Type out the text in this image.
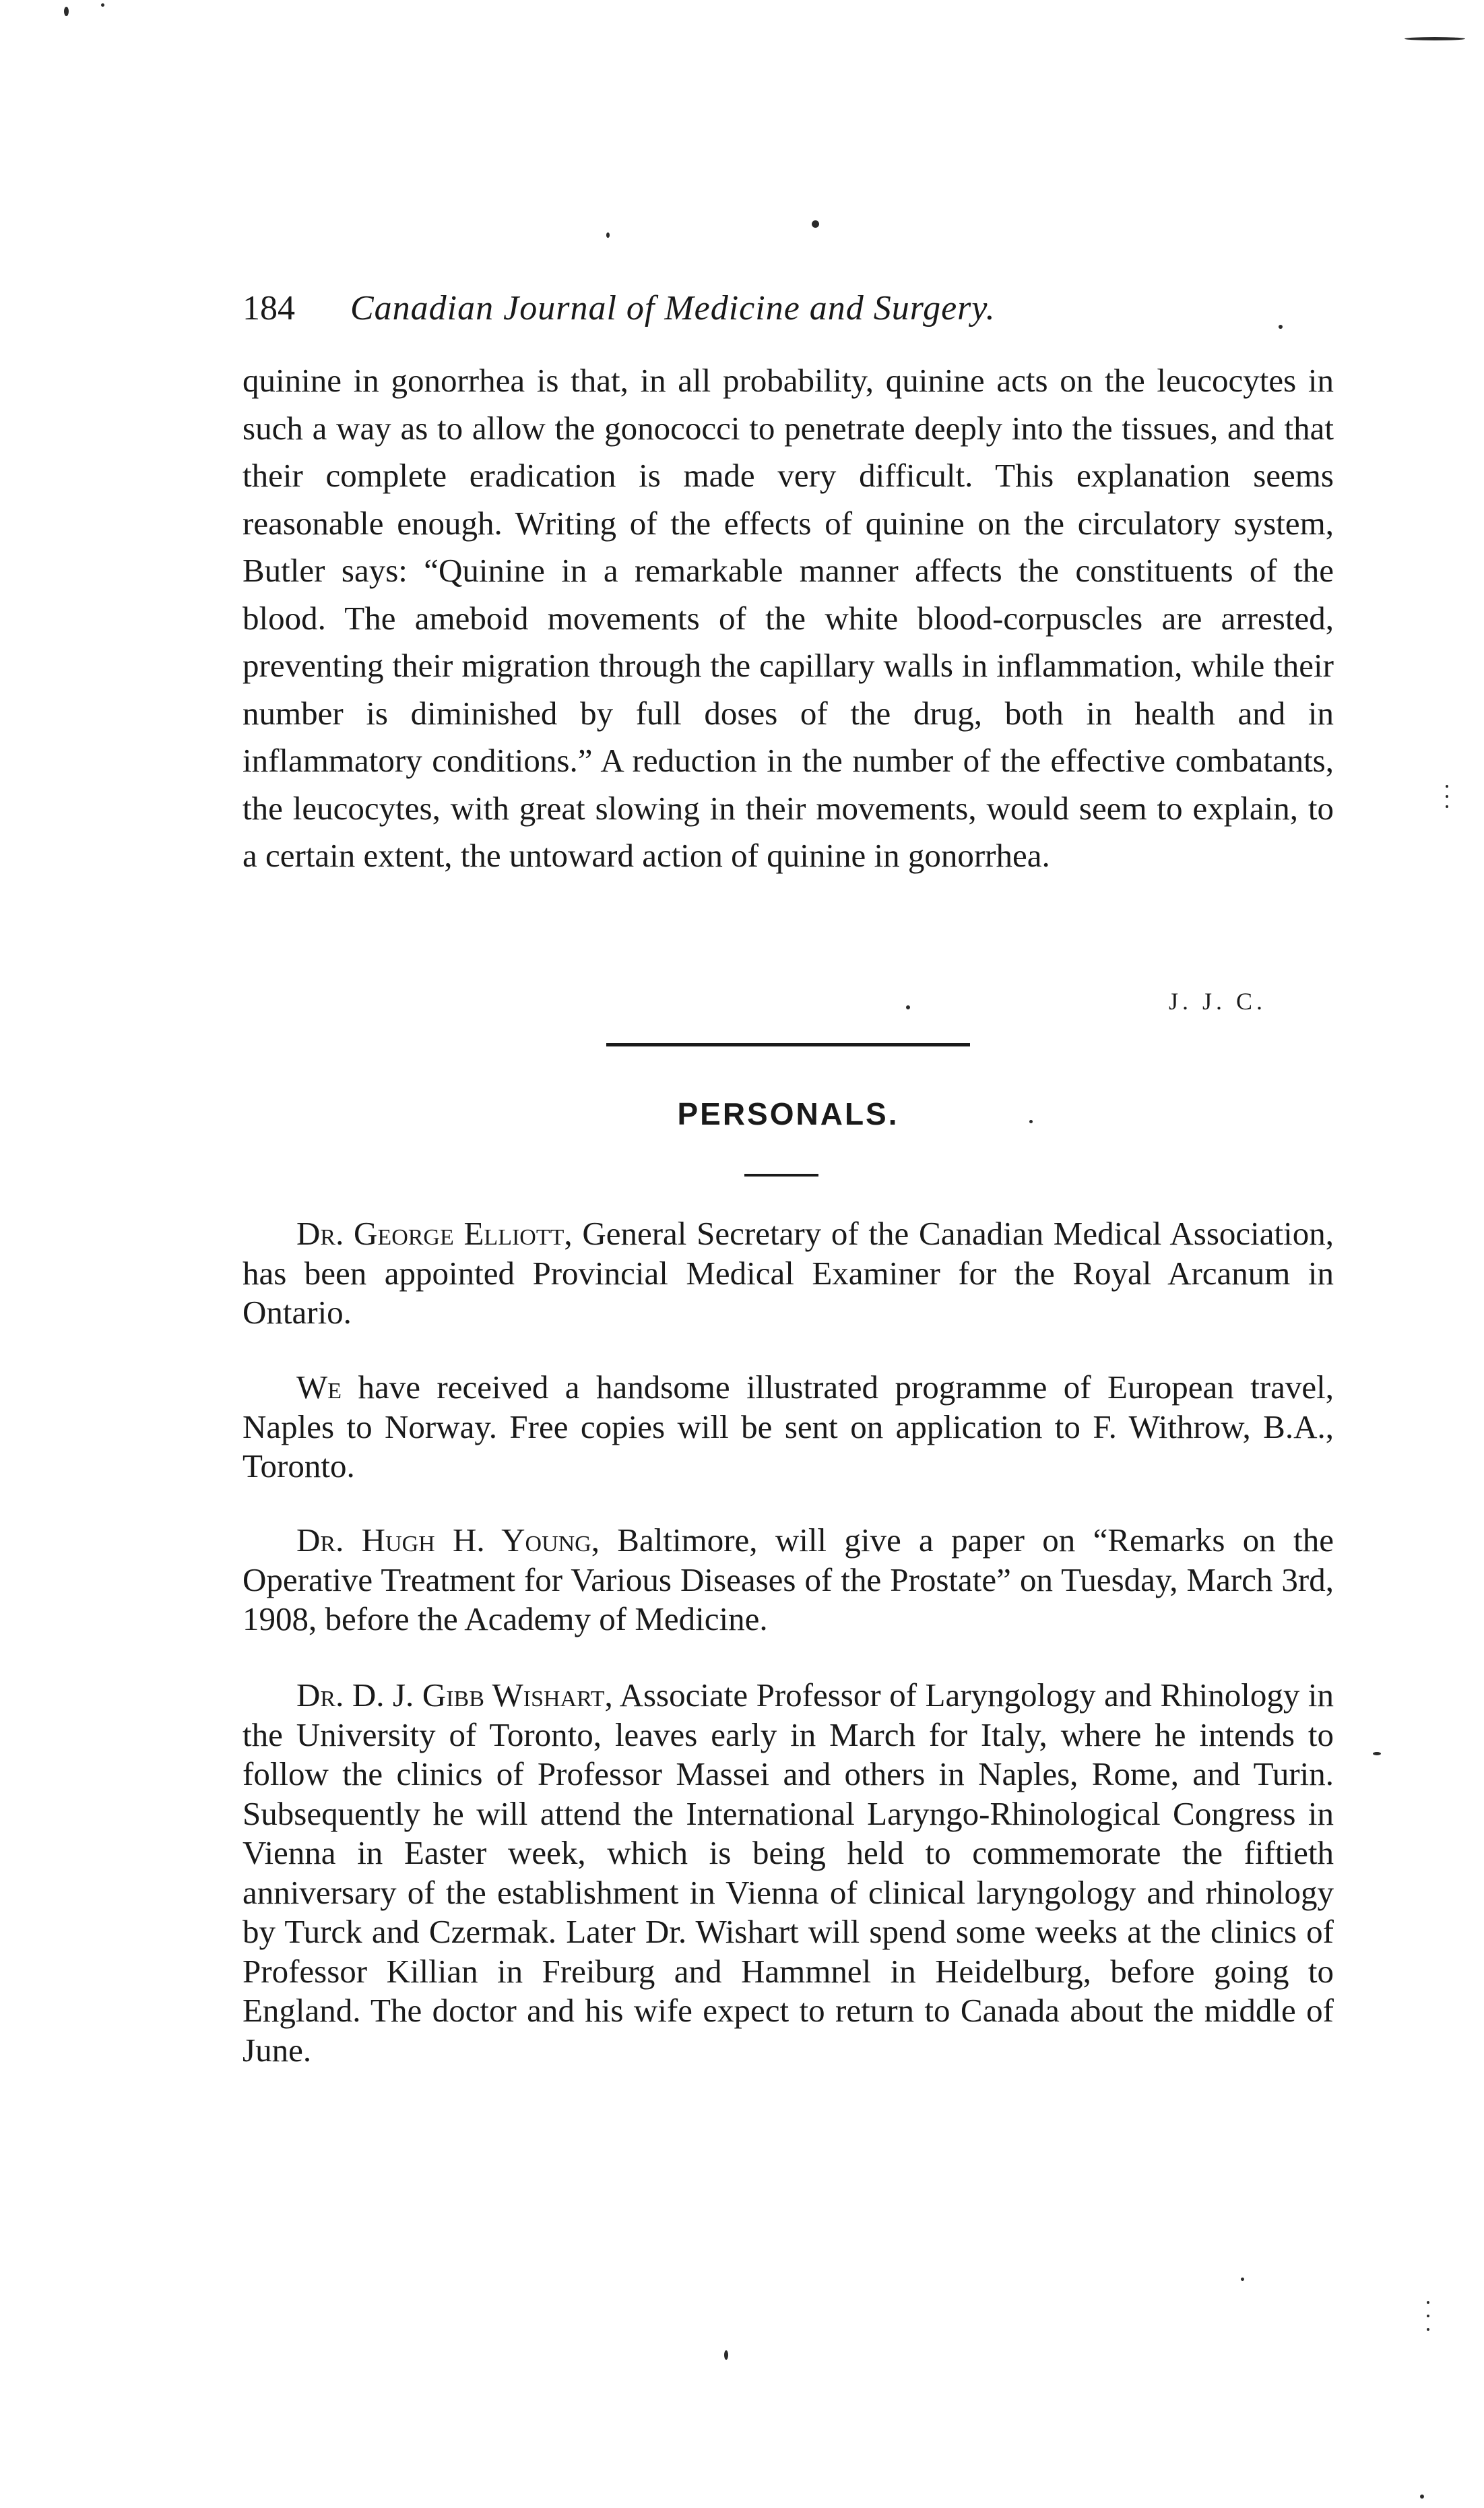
184 Canadian Journal of Medicine and Surgery.
quinine in gonorrhea is that, in all probability, quinine acts on the leucocytes in such a way as to allow the gonococci to penetrate deeply into the tissues, and that their complete eradication is made very difficult. This explanation seems reasonable enough. Writing of the effects of quinine on the circulatory system, Butler says: “Quinine in a remarkable manner affects the constituents of the blood. The ameboid movements of the white blood-corpuscles are arrested, preventing their migration through the capillary walls in inflammation, while their number is diminished by full doses of the drug, both in health and in inflammatory conditions.” A reduction in the number of the effective combatants, the leucocytes, with great slowing in their movements, would seem to explain, to a certain extent, the untoward action of quinine in gonorrhea.
J. J. C.
PERSONALS.
Dr. George Elliott, General Secretary of the Canadian Medical Association, has been appointed Provincial Medical Examiner for the Royal Arcanum in Ontario.
We have received a handsome illustrated programme of European travel, Naples to Norway. Free copies will be sent on application to F. Withrow, B.A., Toronto.
Dr. Hugh H. Young, Baltimore, will give a paper on “Remarks on the Operative Treatment for Various Diseases of the Prostate” on Tuesday, March 3rd, 1908, before the Academy of Medicine.
Dr. D. J. Gibb Wishart, Associate Professor of Laryngology and Rhinology in the University of Toronto, leaves early in March for Italy, where he intends to follow the clinics of Professor Massei and others in Naples, Rome, and Turin. Subsequently he will attend the International Laryngo-Rhinological Congress in Vienna in Easter week, which is being held to commemorate the fiftieth anniversary of the establishment in Vienna of clinical laryngology and rhinology by Turck and Czermak. Later Dr. Wishart will spend some weeks at the clinics of Professor Killian in Freiburg and Hammnel in Heidelburg, before going to England. The doctor and his wife expect to return to Canada about the middle of June.
